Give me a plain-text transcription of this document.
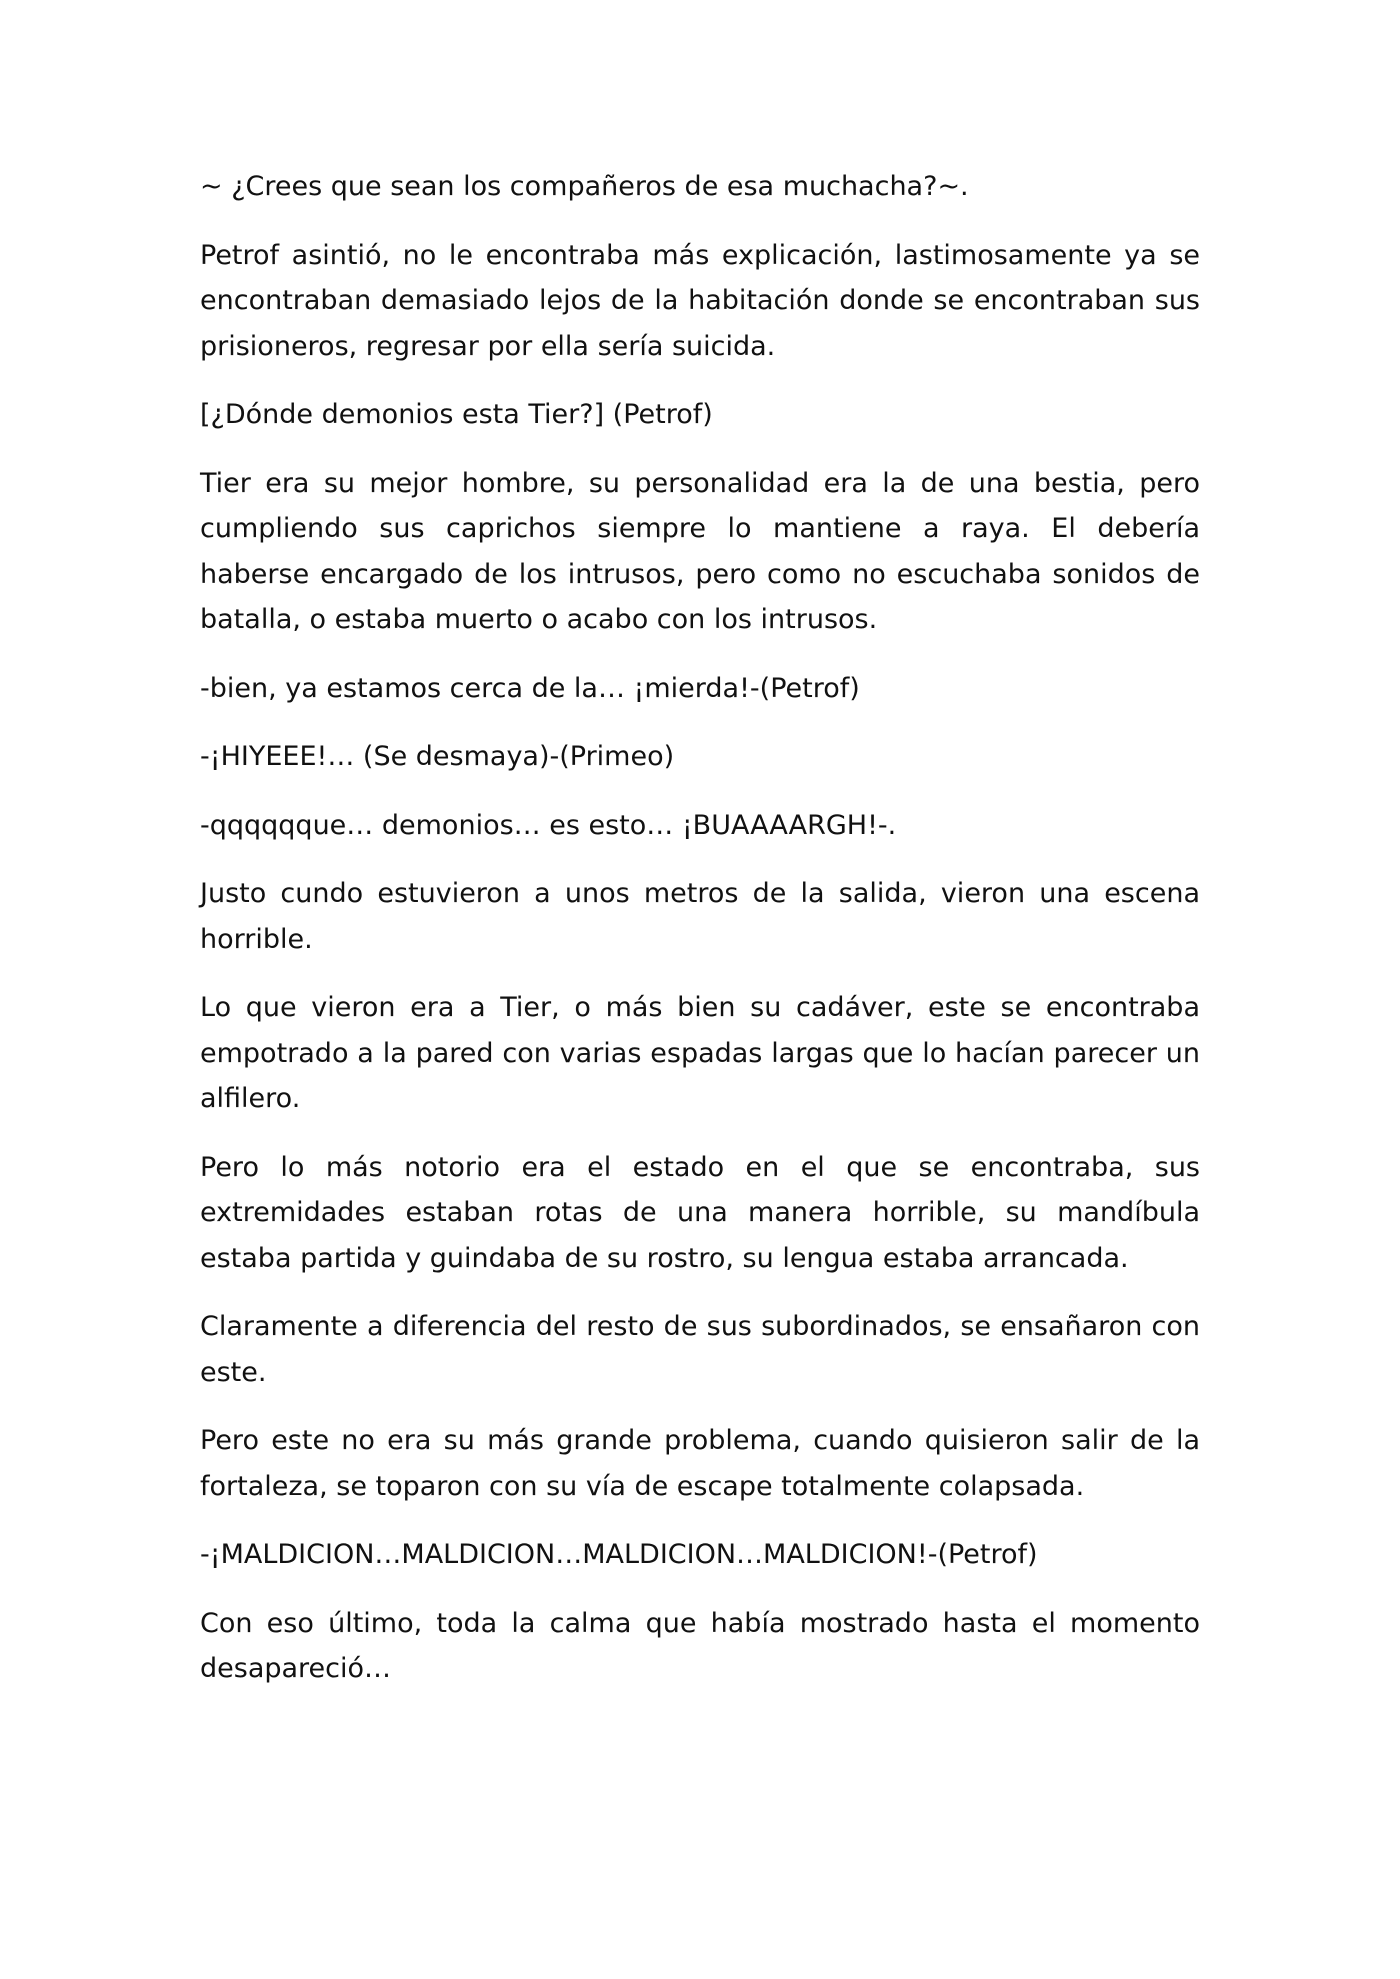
~ ¿Crees que sean los compañeros de esa muchacha?~.

Petrof asintió, no le encontraba más explicación, lastimosamente ya se encontraban demasiado lejos de la habitación donde se encontraban sus prisioneros, regresar por ella sería suicida.

[¿Dónde demonios esta Tier?] (Petrof)

Tier era su mejor hombre, su personalidad era la de una bestia, pero cumpliendo sus caprichos siempre lo mantiene a raya. El debería haberse encargado de los intrusos, pero como no escuchaba sonidos de batalla, o estaba muerto o acabo con los intrusos.

-bien, ya estamos cerca de la… ¡mierda!-(Petrof)

-¡HIYEEE!… (Se desmaya)-(Primeo)

-qqqqqque… demonios… es esto… ¡BUAAAARGH!-.

Justo cundo estuvieron a unos metros de la salida, vieron una escena horrible.

Lo que vieron era a Tier, o más bien su cadáver, este se encontraba empotrado a la pared con varias espadas largas que lo hacían parecer un alfilero.

Pero lo más notorio era el estado en el que se encontraba, sus extremidades estaban rotas de una manera horrible, su mandíbula estaba partida y guindaba de su rostro, su lengua estaba arrancada.

Claramente a diferencia del resto de sus subordinados, se ensañaron con este.

Pero este no era su más grande problema, cuando quisieron salir de la fortaleza, se toparon con su vía de escape totalmente colapsada.

-¡MALDICION…MALDICION…MALDICION…MALDICION!-(Petrof)

Con eso último, toda la calma que había mostrado hasta el momento desapareció…
